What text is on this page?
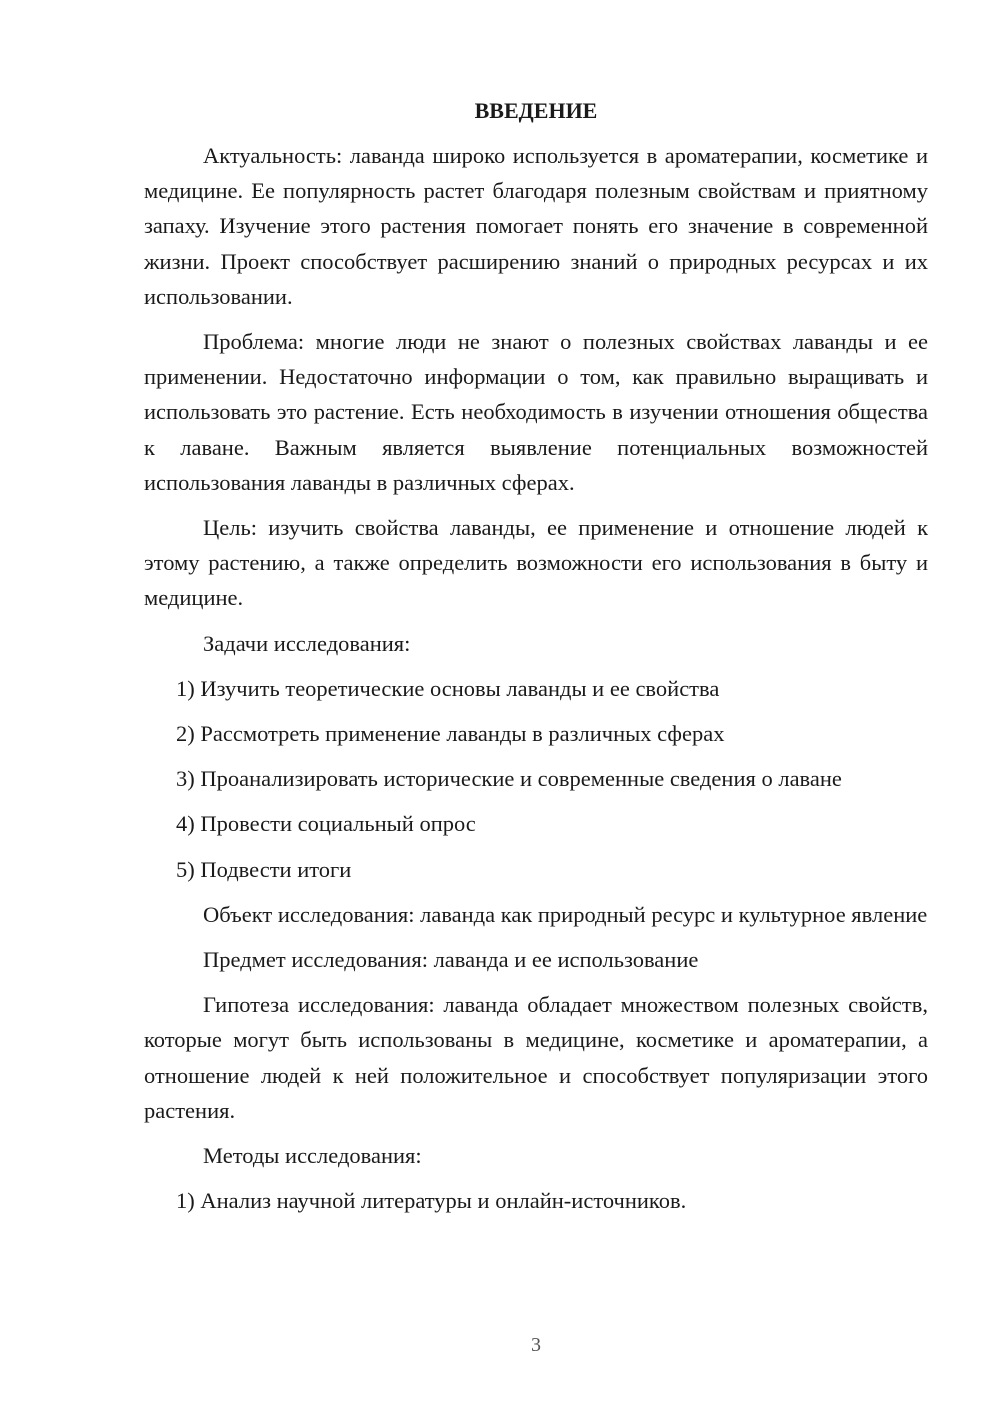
ВВЕДЕНИЕ

Актуальность: лаванда широко используется в ароматерапии, косметике и медицине. Ее популярность растет благодаря полезным свойствам и приятному запаху. Изучение этого растения помогает понять его значение в современной жизни. Проект способствует расширению знаний о природных ресурсах и их использовании.

Проблема: многие люди не знают о полезных свойствах лаванды и ее применении. Недостаточно информации о том, как правильно выращивать и использовать это растение. Есть необходимость в изучении отношения общества к лаване. Важным является выявление потенциальных возможностей использования лаванды в различных сферах.

Цель: изучить свойства лаванды, ее применение и отношение людей к этому растению, а также определить возможности его использования в быту и медицине.

Задачи исследования:

1) Изучить теоретические основы лаванды и ее свойства
2) Рассмотреть применение лаванды в различных сферах
3) Проанализировать исторические и современные сведения о лаване
4) Провести социальный опрос
5) Подвести итоги

Объект исследования: лаванда как природный ресурс и культурное явление

Предмет исследования: лаванда и ее использование

Гипотеза исследования: лаванда обладает множеством полезных свойств, которые могут быть использованы в медицине, косметике и ароматерапии, а отношение людей к ней положительное и способствует популяризации этого растения.

Методы исследования:

1) Анализ научной литературы и онлайн-источников.
3
